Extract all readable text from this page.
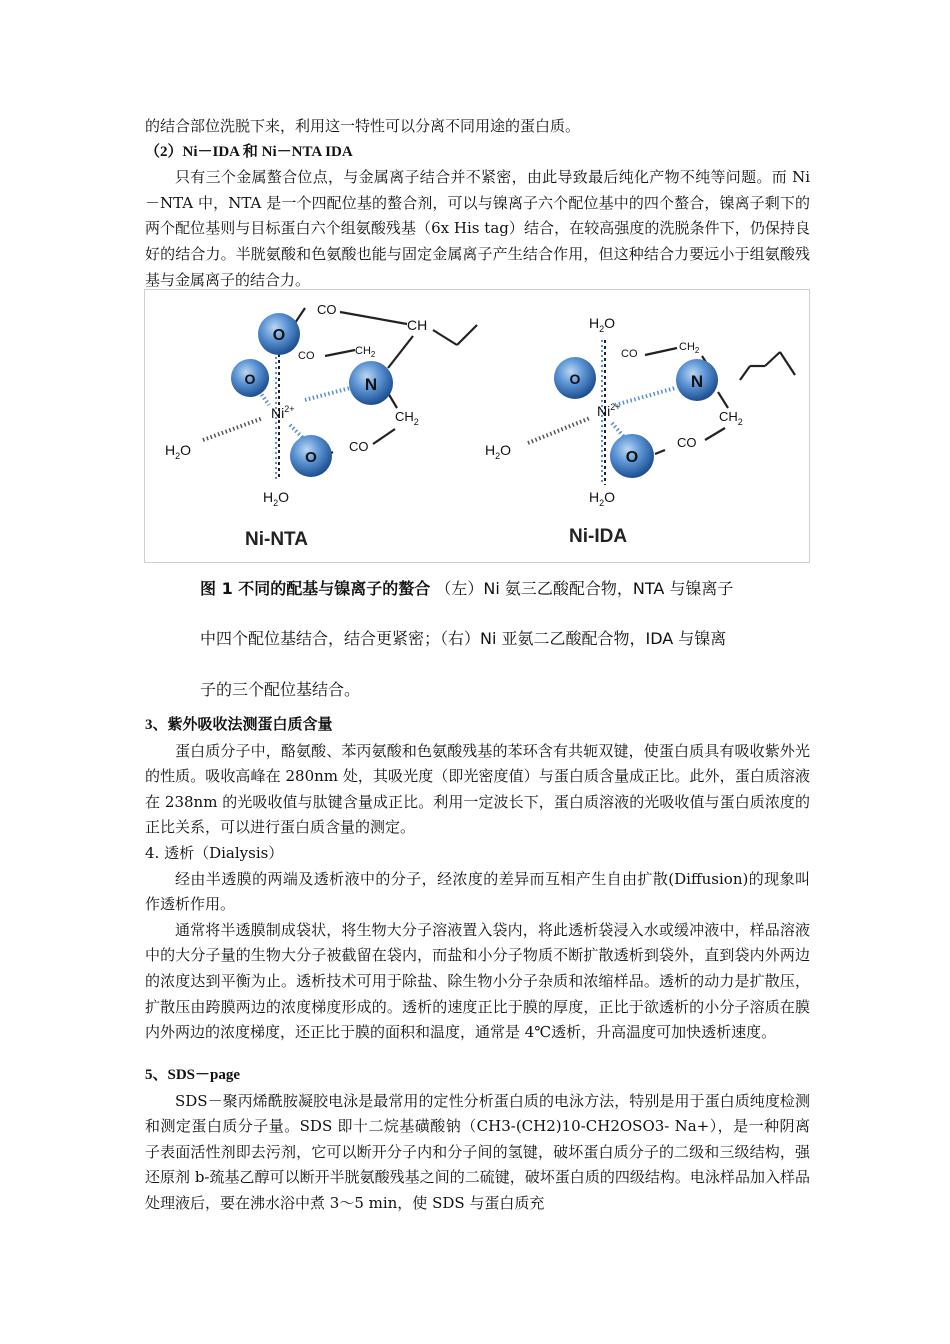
的结合部位洗脱下来，利用这一特性可以分离不同用途的蛋白质。

（2）Ni－IDA 和 Ni－NTA IDA

只有三个金属螯合位点，与金属离子结合并不紧密，由此导致最后纯化产物不纯等问题。而 Ni－NTA 中，NTA 是一个四配位基的螯合剂，可以与镍离子六个配位基中的四个螯合，镍离子剩下的两个配位基则与目标蛋白六个组氨酸残基（6x His tag）结合，在较高强度的洗脱条件下，仍保持良好的结合力。半胱氨酸和色氨酸也能与固定金属离子产生结合作用，但这种结合力要远小于组氨酸残基与金属离子的结合力。

O
O	N
O
CO
CH
$CH_2$
CO
$CH_2$
CO
$Ni^{2+}$
$H_2O$
$H_2O$
Ni-NTA
O	N
O
$H_2O$
CO
$CH_2$
$CH_2$
CO
$Ni^{2+}$
$H_2O$
$H_2O$
Ni-IDA
图 1 不同的配基与镍离子的螯合 （左）Ni 氨三乙酸配合物，NTA 与镍离子
中四个配位基结合，结合更紧密；（右）Ni 亚氨二乙酸配合物，IDA 与镍离
子的三个配位基结合。

3、紫外吸收法测蛋白质含量

蛋白质分子中，酪氨酸、苯丙氨酸和色氨酸残基的苯环含有共轭双键，使蛋白质具有吸收紫外光的性质。吸收高峰在 280nm 处，其吸光度（即光密度值）与蛋白质含量成正比。此外，蛋白质溶液在 238nm 的光吸收值与肽键含量成正比。利用一定波长下，蛋白质溶液的光吸收值与蛋白质浓度的正比关系，可以进行蛋白质含量的测定。

4. 透析（Dialysis）

经由半透膜的两端及透析液中的分子，经浓度的差异而互相产生自由扩散(Diffusion)的现象叫作透析作用。

通常将半透膜制成袋状，将生物大分子溶液置入袋内，将此透析袋浸入水或缓冲液中，样品溶液中的大分子量的生物大分子被截留在袋内，而盐和小分子物质不断扩散透析到袋外，直到袋内外两边的浓度达到平衡为止。透析技术可用于除盐、除生物小分子杂质和浓缩样品。透析的动力是扩散压，扩散压由跨膜两边的浓度梯度形成的。透析的速度正比于膜的厚度，正比于欲透析的小分子溶质在膜内外两边的浓度梯度，还正比于膜的面积和温度，通常是 4℃透析，升高温度可加快透析速度。

5、SDS－page

SDS－聚丙烯酰胺凝胶电泳是最常用的定性分析蛋白质的电泳方法，特别是用于蛋白质纯度检测和测定蛋白质分子量。SDS 即十二烷基磺酸钠（CH3-(CH2)10-CH2OSO3- Na+），是一种阴离子表面活性剂即去污剂，它可以断开分子内和分子间的氢键，破坏蛋白质分子的二级和三级结构，强还原剂 b-巯基乙醇可以断开半胱氨酸残基之间的二硫键，破坏蛋白质的四级结构。电泳样品加入样品处理液后，要在沸水浴中煮 3～5 min，使 SDS 与蛋白质充
